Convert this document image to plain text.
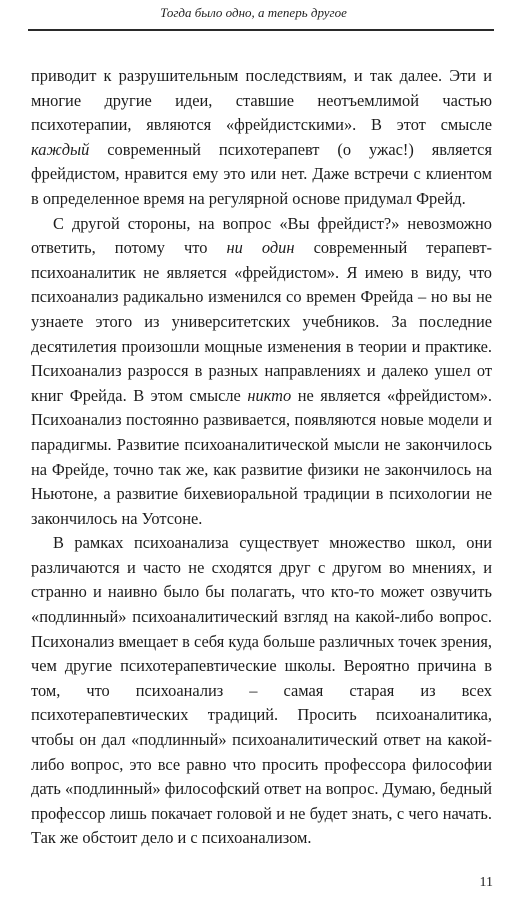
Тогда было одно, а теперь другое

приводит к разрушительным последствиям, и так далее. Эти и многие другие идеи, ставшие неотъемлимой частью психотерапии, являются «фрейдистскими». В этот смысле каждый современный психотерапевт (о ужас!) является фрейдистом, нравится ему это или нет. Даже встречи с клиентом в определенное время на регулярной основе придумал Фрейд.

С другой стороны, на вопрос «Вы фрейдист?» невозможно ответить, потому что ни один современный терапевт-психоаналитик не является «фрейдистом». Я имею в виду, что психоанализ радикально изменился со времен Фрейда – но вы не узнаете этого из университетских учебников. За последние десятилетия произошли мощные изменения в теории и практике. Психоанализ разросся в разных направлениях и далеко ушел от книг Фрейда. В этом смысле никто не является «фрейдистом». Психоанализ постоянно развивается, появляются новые модели и парадигмы. Развитие психоаналитической мысли не закончилось на Фрейде, точно так же, как развитие физики не закончилось на Ньютоне, а развитие бихевиоральной традиции в психологии не закончилось на Уотсоне.

В рамках психоанализа существует множество школ, они различаются и часто не сходятся друг с другом во мнениях, и странно и наивно было бы полагать, что кто-то может озвучить «подлинный» психоаналитический взгляд на какой-либо вопрос. Психонализ вмещает в себя куда больше различных точек зрения, чем другие психотерапевтические школы. Вероятно причина в том, что психоанализ – самая старая из всех психотерапевтических традиций. Просить психоаналитика, чтобы он дал «подлинный» психоаналитический ответ на какой-либо вопрос, это все равно что просить профессора философии дать «подлинный» философский ответ на вопрос. Думаю, бедный профессор лишь покачает головой и не будет знать, с чего начать. Так же обстоит дело и с психоанализом.

11
